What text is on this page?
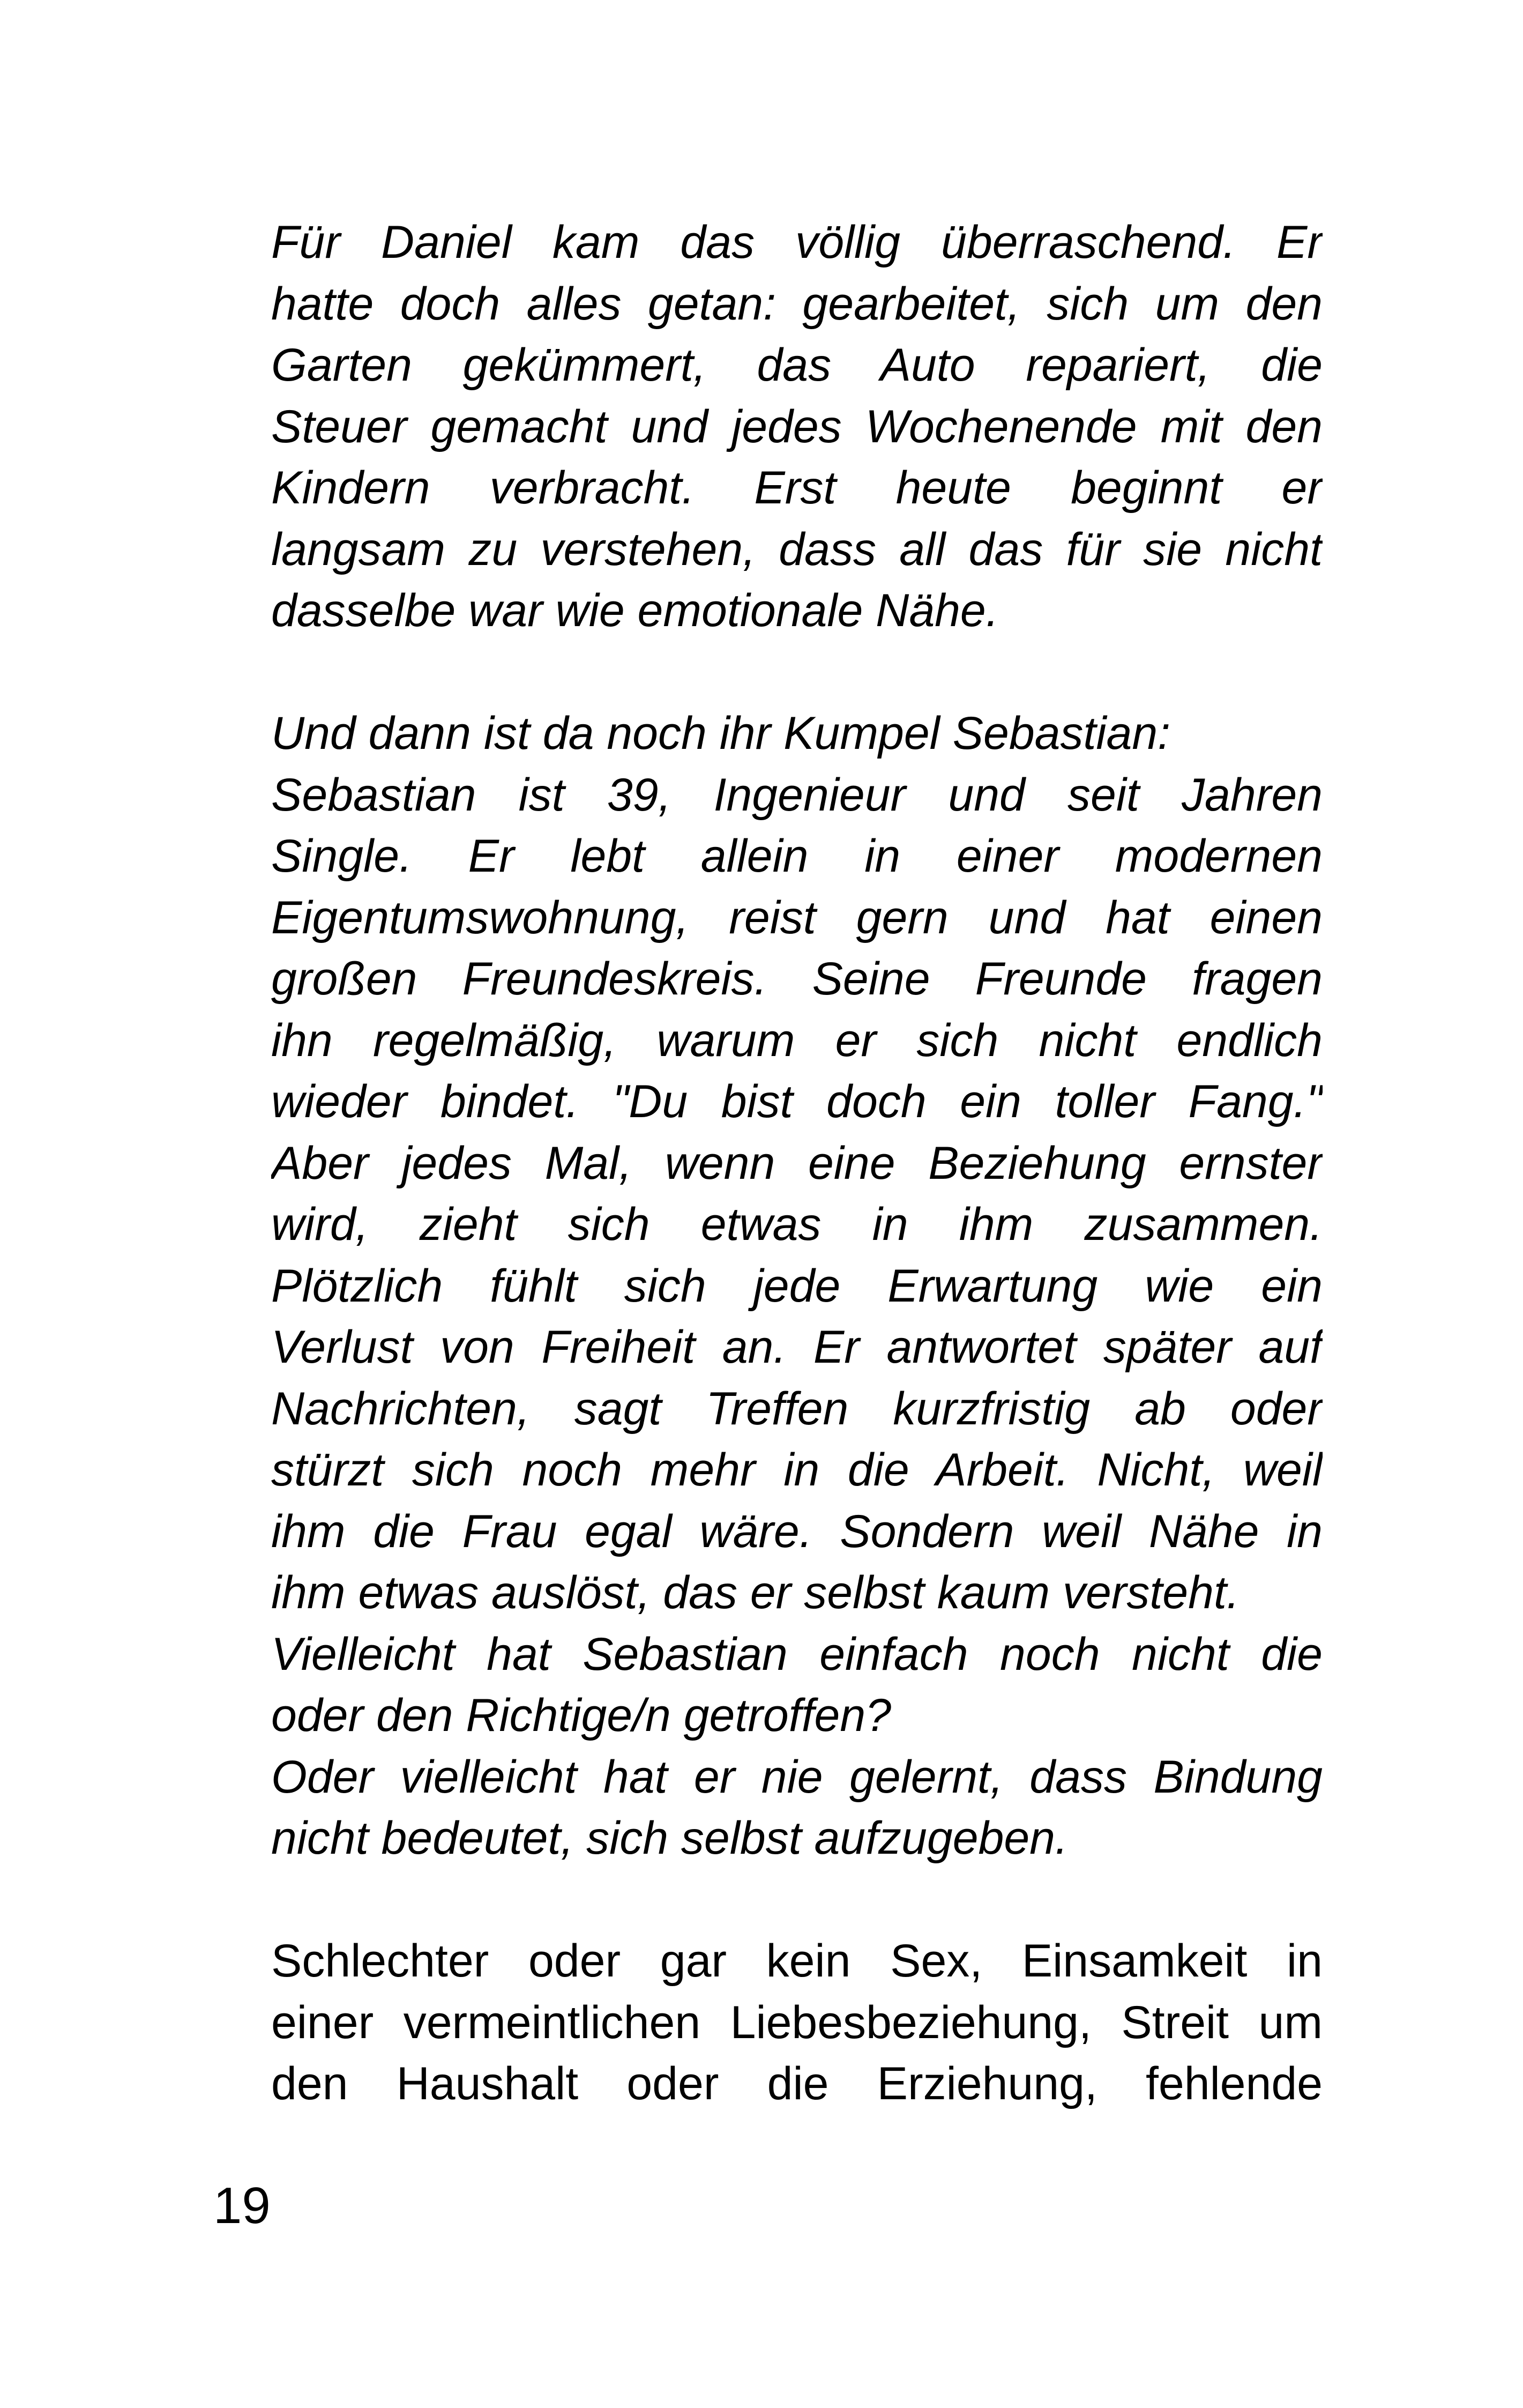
Für Daniel kam das völlig überraschend. Er
hatte doch alles getan: gearbeitet, sich um den
Garten gekümmert, das Auto repariert, die
Steuer gemacht und jedes Wochenende mit den
Kindern verbracht. Erst heute beginnt er
langsam zu verstehen, dass all das für sie nicht
dasselbe war wie emotionale Nähe.

Und dann ist da noch ihr Kumpel Sebastian:
Sebastian ist 39, Ingenieur und seit Jahren
Single. Er lebt allein in einer modernen
Eigentumswohnung, reist gern und hat einen
großen Freundeskreis. Seine Freunde fragen
ihn regelmäßig, warum er sich nicht endlich
wieder bindet. "Du bist doch ein toller Fang."
Aber jedes Mal, wenn eine Beziehung ernster
wird, zieht sich etwas in ihm zusammen.
Plötzlich fühlt sich jede Erwartung wie ein
Verlust von Freiheit an. Er antwortet später auf
Nachrichten, sagt Treffen kurzfristig ab oder
stürzt sich noch mehr in die Arbeit. Nicht, weil
ihm die Frau egal wäre. Sondern weil Nähe in
ihm etwas auslöst, das er selbst kaum versteht.
Vielleicht hat Sebastian einfach noch nicht die
oder den Richtige/n getroffen?
Oder vielleicht hat er nie gelernt, dass Bindung
nicht bedeutet, sich selbst aufzugeben.

Schlechter oder gar kein Sex, Einsamkeit in
einer vermeintlichen Liebesbeziehung, Streit um
den Haushalt oder die Erziehung, fehlende

19
